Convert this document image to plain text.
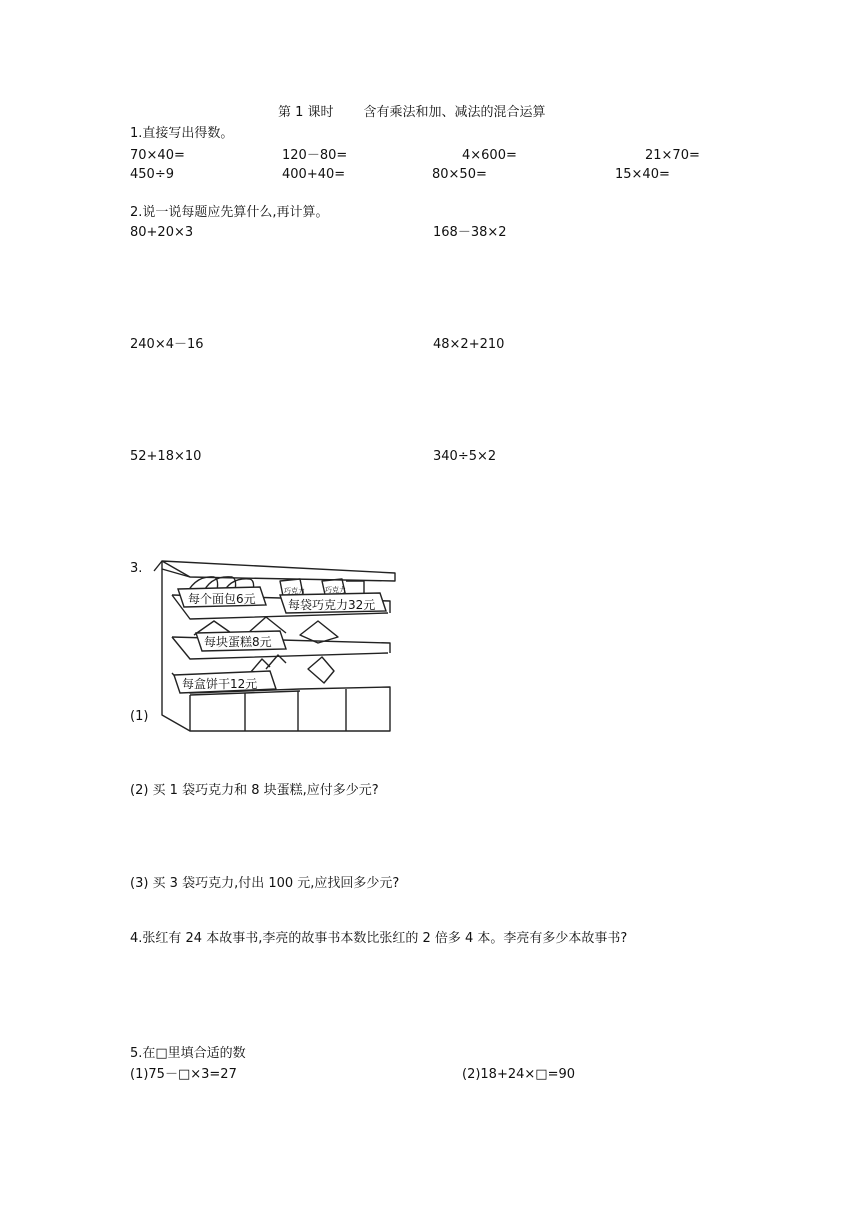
第 1 课时 含有乘法和加、减法的混合运算
1.直接写出得数。
70×40=	120－80=	4×600=	21×70=
450÷9	400+40=	80×50=	15×40=
2.说一说每题应先算什么,再计算。
80+20×3	168－38×2
240×4－16	48×2+210
52+18×10	340÷5×2
3.
每个面包6元	每袋巧克力32元
每块蛋糕8元
每盒饼干12元
巧克力	巧克力
(1)
(2) 买 1 袋巧克力和 8 块蛋糕,应付多少元?
(3) 买 3 袋巧克力,付出 100 元,应找回多少元?
4.张红有 24 本故事书,李亮的故事书本数比张红的 2 倍多 4 本。李亮有多少本故事书?
5.在□里填合适的数
(1)75－□×3=27	(2)18+24×□=90
